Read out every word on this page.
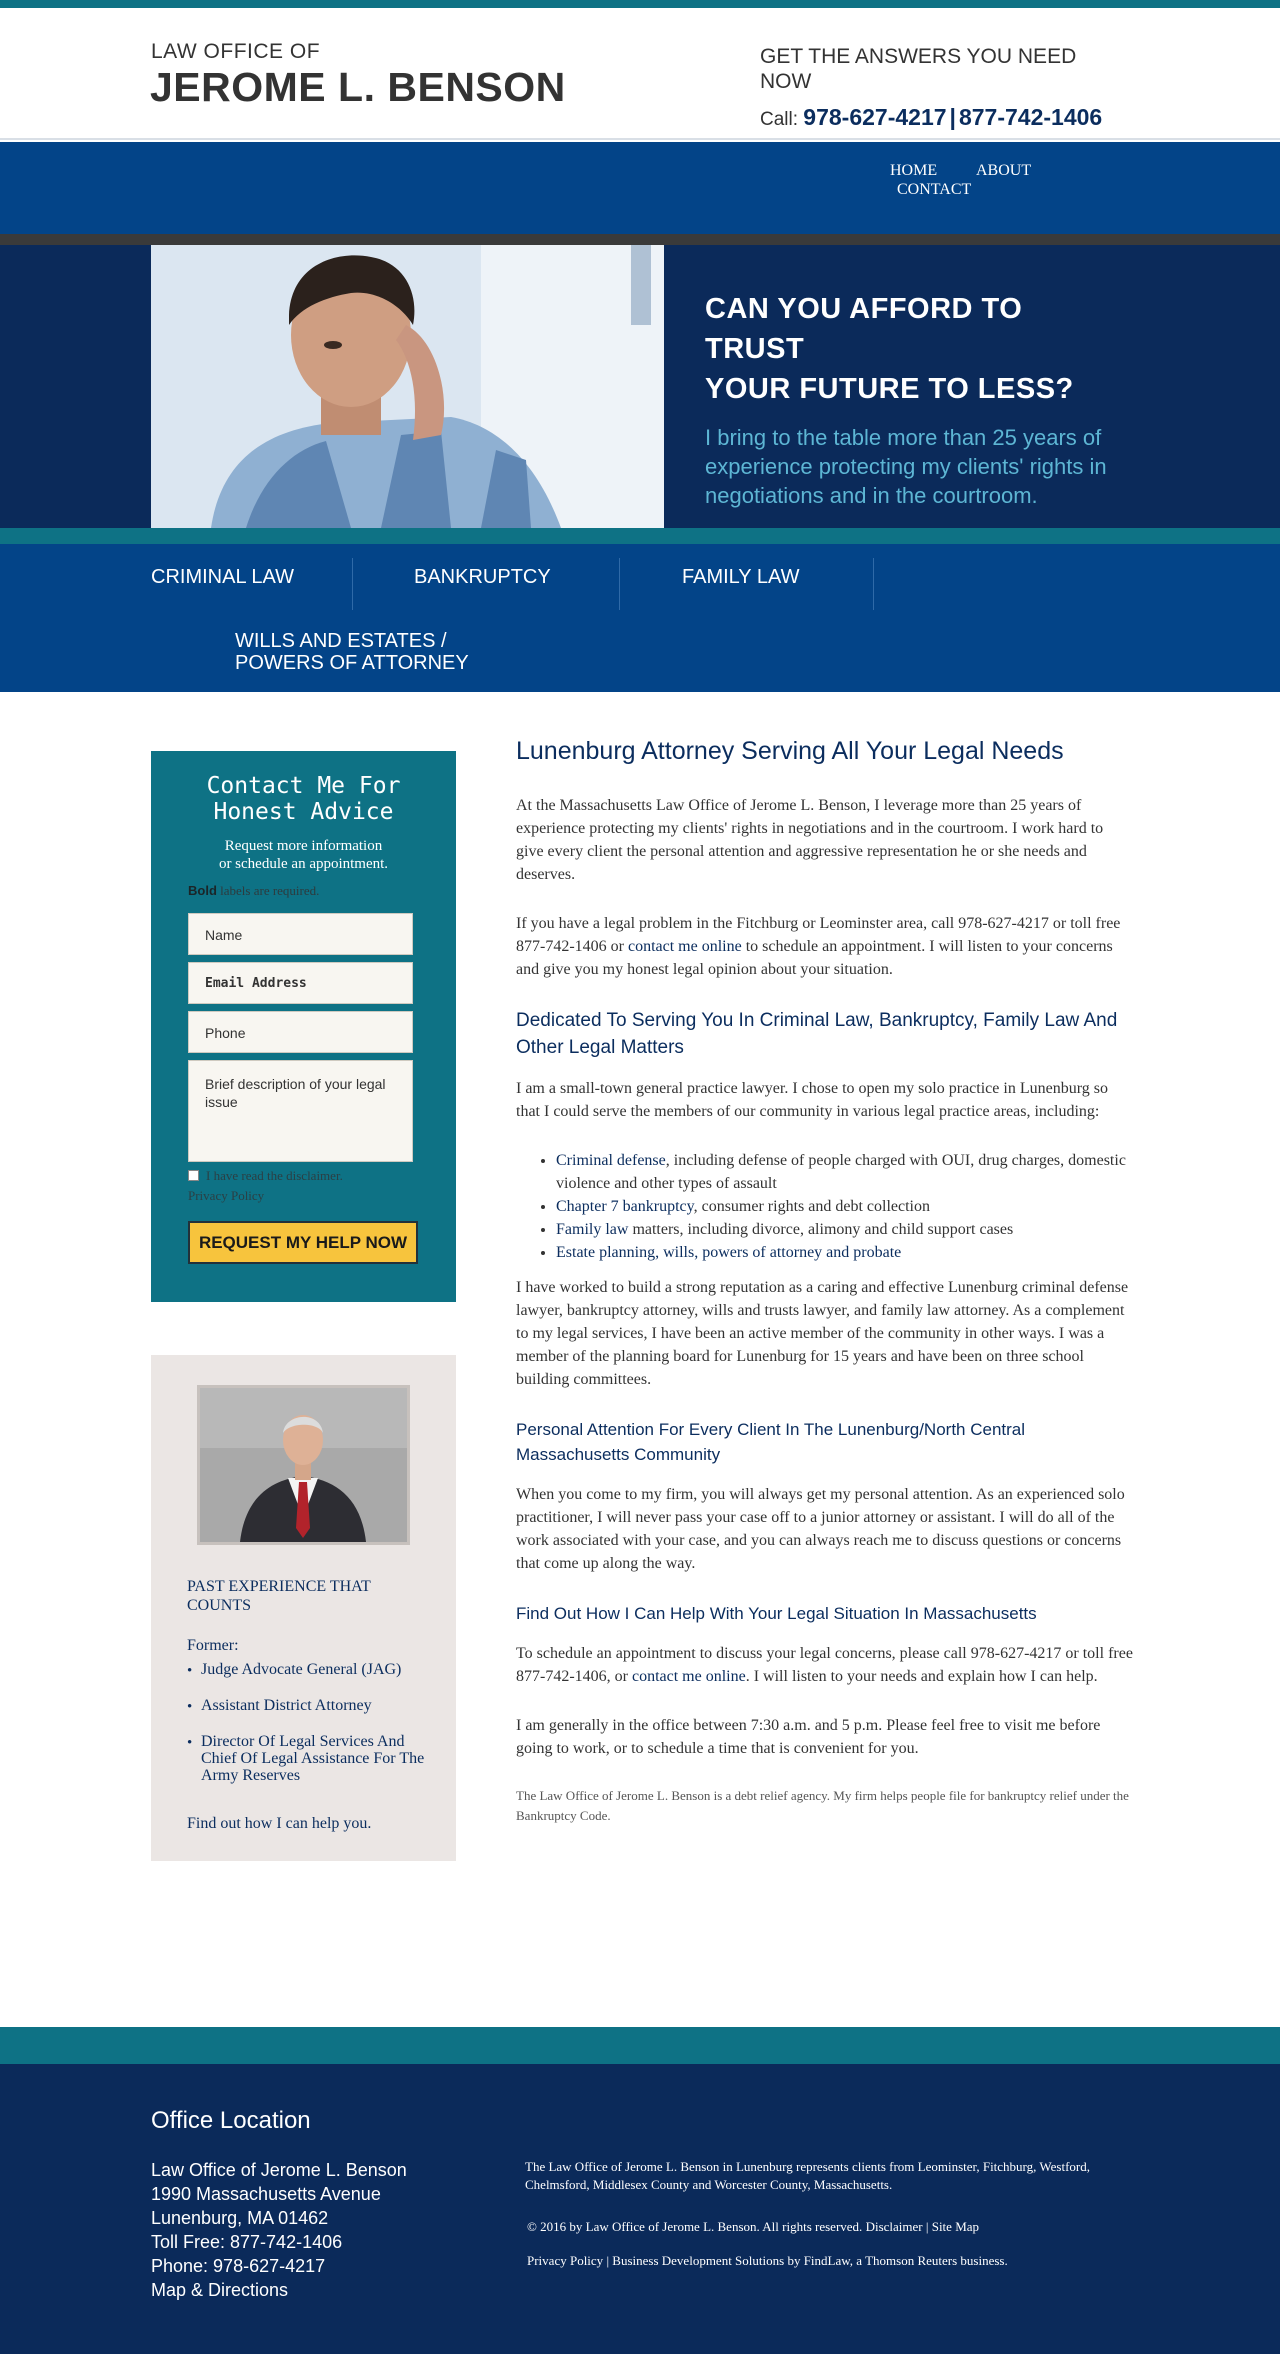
LAW OFFICE OF
JEROME L. BENSON
GET THE ANSWERS YOU NEED NOW
Call: 978-627-4217 | 877-742-1406
HOME ABOUT
CONTACT
CAN YOU AFFORD TO TRUST
YOUR FUTURE TO LESS?
I bring to the table more than 25 years of experience protecting my clients' rights in negotiations and in the courtroom.
CRIMINAL LAW	BANKRUPTCY	FAMILY LAW
WILLS AND ESTATES /
POWERS OF ATTORNEY
Contact Me For
Honest Advice
Request more information
or schedule an appointment.
Bold labels are required.
Name
Email Address
Phone
Brief description of your legal issue
I have read the disclaimer.
Privacy Policy
REQUEST MY HELP NOW
PAST EXPERIENCE THAT COUNTS
Former:
• Judge Advocate General (JAG)
• Assistant District Attorney
• Director Of Legal Services And Chief Of Legal Assistance For The Army Reserves
Find out how I can help you.
Lunenburg Attorney Serving All Your Legal Needs

At the Massachusetts Law Office of Jerome L. Benson, I leverage more than 25 years of experience protecting my clients' rights in negotiations and in the courtroom. I work hard to give every client the personal attention and aggressive representation he or she needs and deserves.

If you have a legal problem in the Fitchburg or Leominster area, call 978-627-4217 or toll free 877-742-1406 or contact me online to schedule an appointment. I will listen to your concerns and give you my honest legal opinion about your situation.

Dedicated To Serving You In Criminal Law, Bankruptcy, Family Law And Other Legal Matters

I am a small-town general practice lawyer. I chose to open my solo practice in Lunenburg so that I could serve the members of our community in various legal practice areas, including:

• Criminal defense, including defense of people charged with OUI, drug charges, domestic violence and other types of assault
• Chapter 7 bankruptcy, consumer rights and debt collection
• Family law matters, including divorce, alimony and child support cases
• Estate planning, wills, powers of attorney and probate

I have worked to build a strong reputation as a caring and effective Lunenburg criminal defense lawyer, bankruptcy attorney, wills and trusts lawyer, and family law attorney. As a complement to my legal services, I have been an active member of the community in other ways. I was a member of the planning board for Lunenburg for 15 years and have been on three school building committees.

Personal Attention For Every Client In The Lunenburg/North Central Massachusetts Community

When you come to my firm, you will always get my personal attention. As an experienced solo practitioner, I will never pass your case off to a junior attorney or assistant. I will do all of the work associated with your case, and you can always reach me to discuss questions or concerns that come up along the way.

Find Out How I Can Help With Your Legal Situation In Massachusetts

To schedule an appointment to discuss your legal concerns, please call 978-627-4217 or toll free 877-742-1406, or contact me online. I will listen to your needs and explain how I can help.

I am generally in the office between 7:30 a.m. and 5 p.m. Please feel free to visit me before going to work, or to schedule a time that is convenient for you.

The Law Office of Jerome L. Benson is a debt relief agency. My firm helps people file for bankruptcy relief under the Bankruptcy Code.

Office Location
Law Office of Jerome L. Benson
1990 Massachusetts Avenue
Lunenburg, MA 01462
Toll Free: 877-742-1406
Phone: 978-627-4217
Map & Directions
The Law Office of Jerome L. Benson in Lunenburg represents clients from Leominster, Fitchburg, Westford, Chelmsford, Middlesex County and Worcester County, Massachusetts.
© 2016 by Law Office of Jerome L. Benson. All rights reserved. Disclaimer | Site Map
Privacy Policy | Business Development Solutions by FindLaw, a Thomson Reuters business.
